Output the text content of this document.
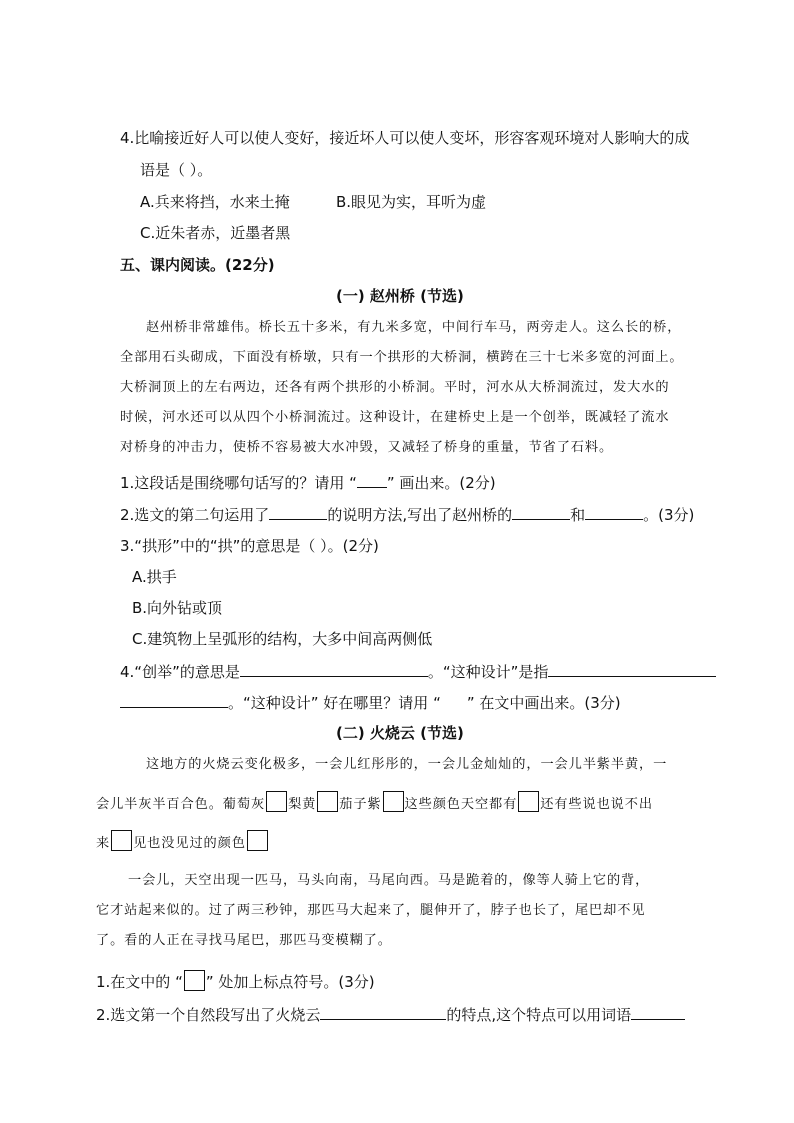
4.比喻接近好人可以使人变好，接近坏人可以使人变坏，形容客观环境对人影响大的成
语是（ ）。
A.兵来将挡，水来土掩	B.眼见为实，耳听为虚
C.近朱者赤，近墨者黑
五、课内阅读。(22分)
(一) 赵州桥 (节选)
赵州桥非常雄伟。桥长五十多米，有九米多宽，中间行车马，两旁走人。这么长的桥，
全部用石头砌成，下面没有桥墩，只有一个拱形的大桥洞，横跨在三十七米多宽的河面上。
大桥洞顶上的左右两边，还各有两个拱形的小桥洞。平时，河水从大桥洞流过，发大水的
时候，河水还可以从四个小桥洞流过。这种设计，在建桥史上是一个创举，既减轻了流水
对桥身的冲击力，使桥不容易被大水冲毁，又减轻了桥身的重量，节省了石料。
1.这段话是围绕哪句话写的？请用 “ ” 画出来。(2分)
2.选文的第二句运用了	的说明方法,写出了赵州桥的	和	。(3分)
3.“拱形”中的“拱”的意思是（ ）。(2分)
A.拱手
B.向外钻或顶
C.建筑物上呈弧形的结构，大多中间高两侧低
4.“创举”的意思是	。“这种设计”是指
。“这种设计” 好在哪里？请用 “ ” 在文中画出来。(3分)
(二) 火烧云 (节选)
这地方的火烧云变化极多，一会儿红彤彤的，一会儿金灿灿的，一会儿半紫半黄，一
会儿半灰半百合色。葡萄灰 梨黄 茄子紫 这些颜色天空都有 还有些说也说不出
来 见也没见过的颜色
一会儿，天空出现一匹马，马头向南，马尾向西。马是跪着的，像等人骑上它的背，
它才站起来似的。过了两三秒钟，那匹马大起来了，腿伸开了，脖子也长了，尾巴却不见
了。看的人正在寻找马尾巴，那匹马变模糊了。
1.在文中的 “ ” 处加上标点符号。(3分)
2.选文第一个自然段写出了火烧云	的特点,这个特点可以用词语
